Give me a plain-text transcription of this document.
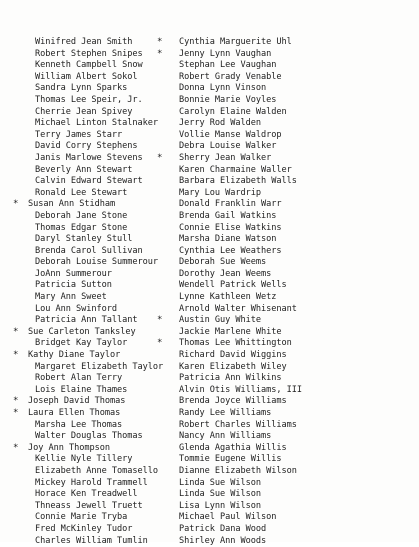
Winifred Jean Smith
Robert Stephen Snipes
Kenneth Campbell Snow
William Albert Sokol
Sandra Lynn Sparks
Thomas Lee Speir, Jr.
Cherrie Jean Spivey
Michael Linton Stalnaker
Terry James Starr
David Corry Stephens
Janis Marlowe Stevens
Beverly Ann Stewart
Calvin Edward Stewart
Ronald Lee Stewart
* Susan Ann Stidham
Deborah Jane Stone
Thomas Edgar Stone
Daryl Stanley Stull
Brenda Carol Sullivan
Deborah Louise Summerour
JoAnn Summerour
Patricia Sutton
Mary Ann Sweet
Lou Ann Swinford
Patricia Ann Tallant
* Sue Carleton Tanksley
Bridget Kay Taylor
* Kathy Diane Taylor
Margaret Elizabeth Taylor
Robert Alan Terry
Lois Elaine Thames
* Joseph David Thomas
* Laura Ellen Thomas
Marsha Lee Thomas
Walter Douglas Thomas
* Joy Ann Thompson
Kellie Nyle Tillery
Elizabeth Anne Tomasello
Mickey Harold Trammell
Horace Ken Treadwell
Thneass Jewell Truett
Connie Marie Tryba
Fred McKinley Tudor
Charles William Tumlin
* Cynthia Marguerite Uhl
* Jenny Lynn Vaughan
Stephan Lee Vaughan
Robert Grady Venable
Donna Lynn Vinson
Bonnie Marie Voyles
Carolyn Elaine Walden
Jerry Rod Walden
Vollie Manse Waldrop
Debra Louise Walker
* Sherry Jean Walker
Karen Charmaine Waller
Barbara Elizabeth Walls
Mary Lou Wardrip
Donald Franklin Warr
Brenda Gail Watkins
Connie Elise Watkins
Marsha Diane Watson
Cynthia Lee Weathers
Deborah Sue Weems
Dorothy Jean Weems
Wendell Patrick Wells
Lynne Kathleen Wetz
Arnold Walter Whisenant
* Austin Guy White
Jackie Marlene White
* Thomas Lee Whittington
Richard David Wiggins
Karen Elizabeth Wiley
Patricia Ann Wilkins
Alvin Otis Williams, III
Brenda Joyce Williams
Randy Lee Williams
Robert Charles Williams
Nancy Ann Williams
Glenda Agathia Willis
Tommie Eugene Willis
Dianne Elizabeth Wilson
Linda Sue Wilson
Linda Sue Wilson
Lisa Lynn Wilson
Michael Paul Wilson
Patrick Dana Wood
Shirley Ann Woods
